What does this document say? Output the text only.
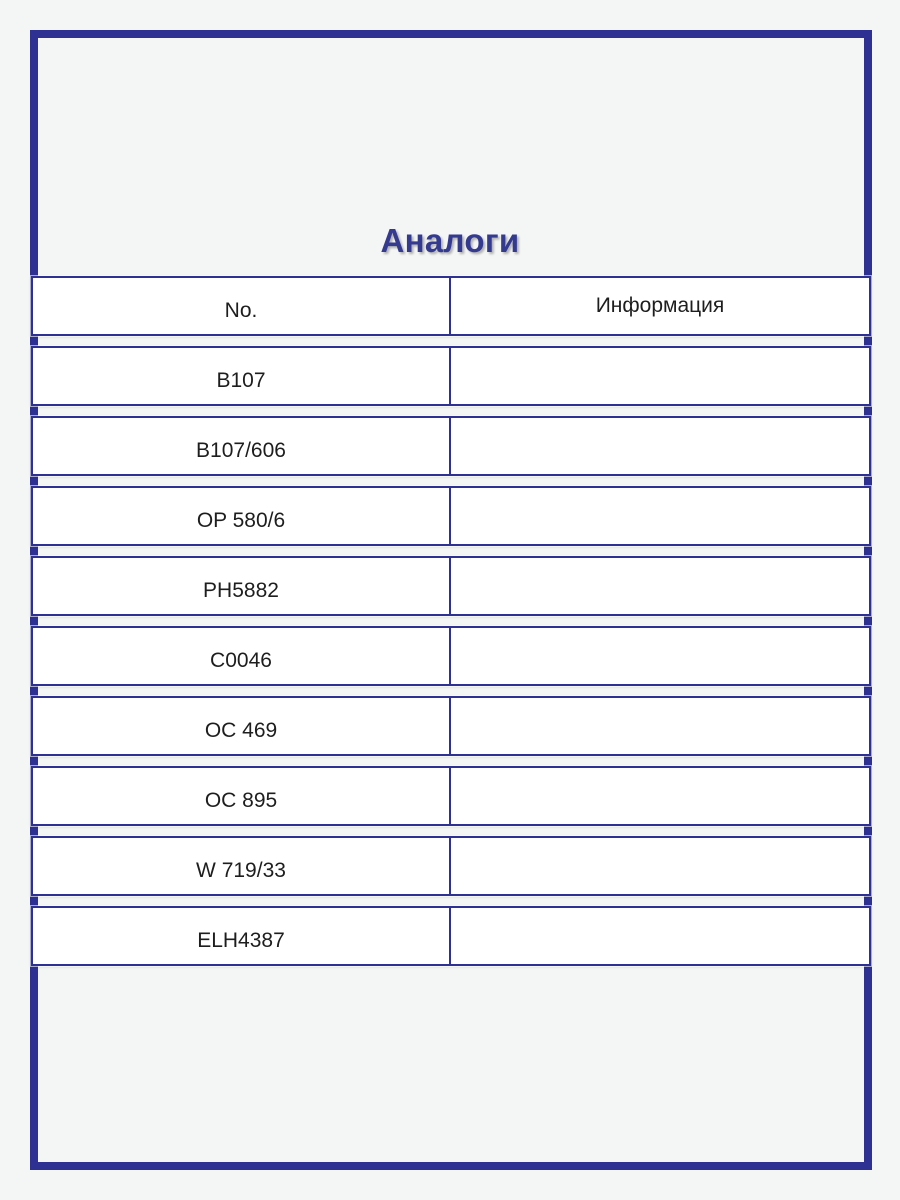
Аналоги
No.	Информация
B107
B107/606
OP 580/6
PH5882
C0046
OC 469
OC 895
W 719/33
ELH4387
